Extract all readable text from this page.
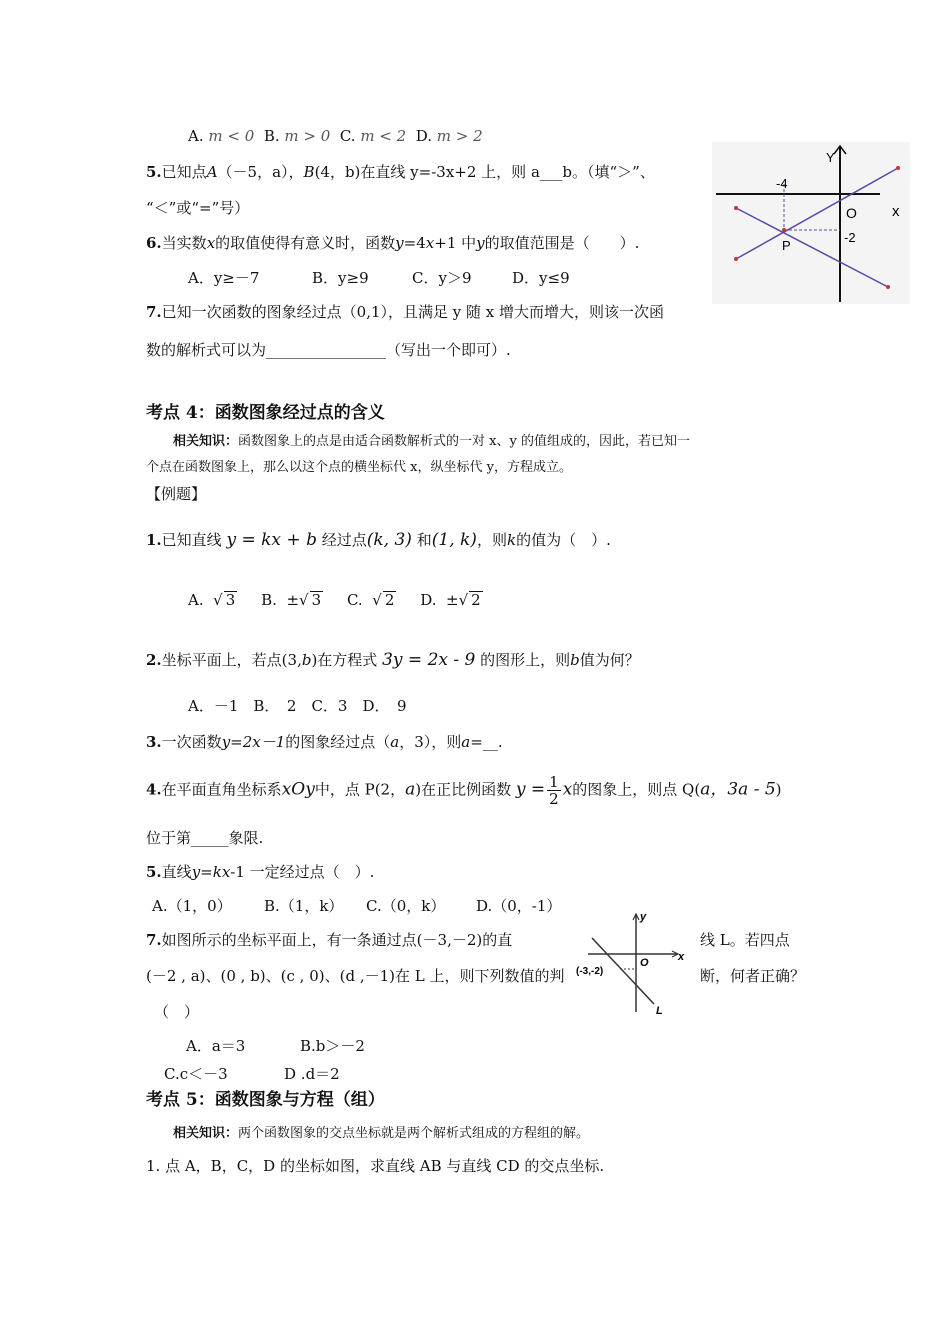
A. m < 0 B. m > 0 C. m < 2 D. m > 2
5.已知点A（－5，a），B(4，b)在直线 y=-3x+2 上，则 a___b。（填“＞”、
“＜”或“=”号）
6.当实数x的取值使得有意义时，函数y=4x+1 中y的取值范围是（　　）.
A．y≥－7	B．y≥9	C．y＞9	D．y≤9
7.已知一次函数的图象经过点（0,1），且满足 y 随 x 增大而增大，则该一次函
数的解析式可以为________________（写出一个即可）.
Y
x
O
-4
-2
P
考点 4：函数图象经过点的含义
相关知识：函数图象上的点是由适合函数解析式的一对 x、y 的值组成的，因此，若已知一
个点在函数图象上，那么以这个点的横坐标代 x，纵坐标代 y，方程成立。
【例题】
1.已知直线 y = kx + b 经过点(k, 3) 和(1, k)，则k的值为（　）.
A.  √ 3 B. ±√ 3 C.  √ 2 D. ±√ 2
2.坐标平面上，若点(3,b)在方程式 3y = 2x - 9 的图形上，则b值为何？
A．－1　B．　2　C．3　D．　9
3.一次函数y=2x－1的图象经过点（a，3），则a=__.
4.在平面直角坐标系xOy中，点 P(2，a)在正比例函数 $y = \frac{1}{2}$ x的图象上，则点 Q(a，3a - 5)
位于第_____象限.
5.直线y=kx-1 一定经过点（　）.
A.（1，0） B.（1，k） C.（0，k） D.（0，-1）
7.如图所示的坐标平面上，有一条通过点(－3,－2)的直	线 L。若四点
(－2 , a)、(0 , b)、(c , 0)、(d ,－1)在 L 上，则下列数值的判	断，何者正确？
（　）
A．a＝3	B.b＞－2
C.c＜－3	D .d＝2
y
x
O
(-3,-2)
L
考点 5：函数图象与方程（组）
相关知识：两个函数图象的交点坐标就是两个解析式组成的方程组的解。
1. 点 A，B，C，D 的坐标如图，求直线 AB 与直线 CD 的交点坐标.
